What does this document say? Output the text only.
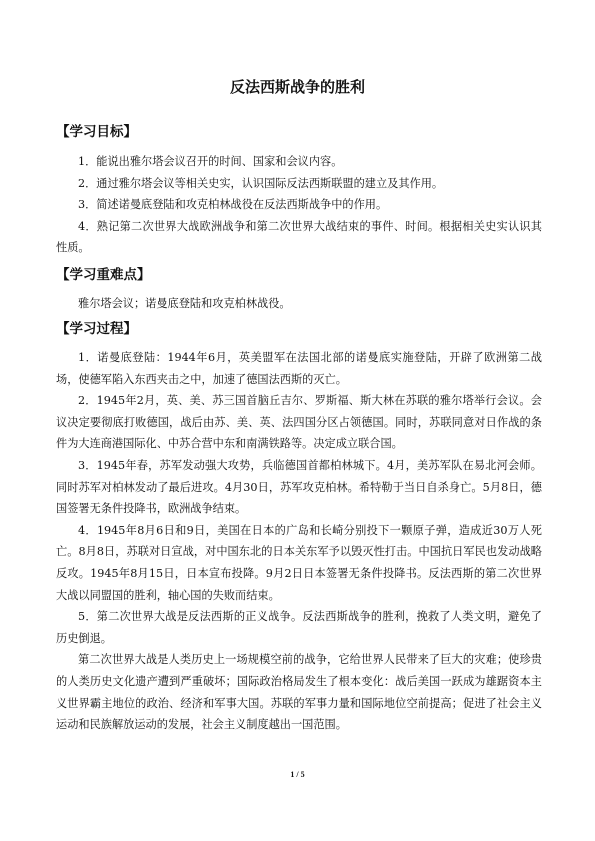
反法西斯战争的胜利
【学习目标】

1．能说出雅尔塔会议召开的时间、国家和会议内容。

2．通过雅尔塔会议等相关史实，认识国际反法西斯联盟的建立及其作用。

3．简述诺曼底登陆和攻克柏林战役在反法西斯战争中的作用。

4．熟记第二次世界大战欧洲战争和第二次世界大战结束的事件、时间。根据相关史实认识其性质。

【学习重难点】

雅尔塔会议；诺曼底登陆和攻克柏林战役。

【学习过程】

1．诺曼底登陆：1944年6月，英美盟军在法国北部的诺曼底实施登陆，开辟了欧洲第二战场，使德军陷入东西夹击之中，加速了德国法西斯的灭亡。

2．1945年2月，英、美、苏三国首脑丘吉尔、罗斯福、斯大林在苏联的雅尔塔举行会议。会议决定要彻底打败德国，战后由苏、美、英、法四国分区占领德国。同时，苏联同意对日作战的条件为大连商港国际化、中苏合营中东和南满铁路等。决定成立联合国。

3．1945年春，苏军发动强大攻势，兵临德国首都柏林城下。4月，美苏军队在易北河会师。同时苏军对柏林发动了最后进攻。4月30日，苏军攻克柏林。希特勒于当日自杀身亡。5月8日，德国签署无条件投降书，欧洲战争结束。

4．1945年8月6日和9日，美国在日本的广岛和长崎分别投下一颗原子弹，造成近30万人死亡。8月8日，苏联对日宣战，对中国东北的日本关东军予以毁灭性打击。中国抗日军民也发动战略反攻。1945年8月15日，日本宣布投降。9月2日日本签署无条件投降书。反法西斯的第二次世界大战以同盟国的胜利，轴心国的失败而结束。

5．第二次世界大战是反法西斯的正义战争。反法西斯战争的胜利，挽救了人类文明，避免了历史倒退。

第二次世界大战是人类历史上一场规模空前的战争，它给世界人民带来了巨大的灾难；使珍贵的人类历史文化遗产遭到严重破坏；国际政治格局发生了根本变化：战后美国一跃成为雄踞资本主义世界霸主地位的政治、经济和军事大国。苏联的军事力量和国际地位空前提高；促进了社会主义运动和民族解放运动的发展，社会主义制度越出一国范围。

1 / 5
